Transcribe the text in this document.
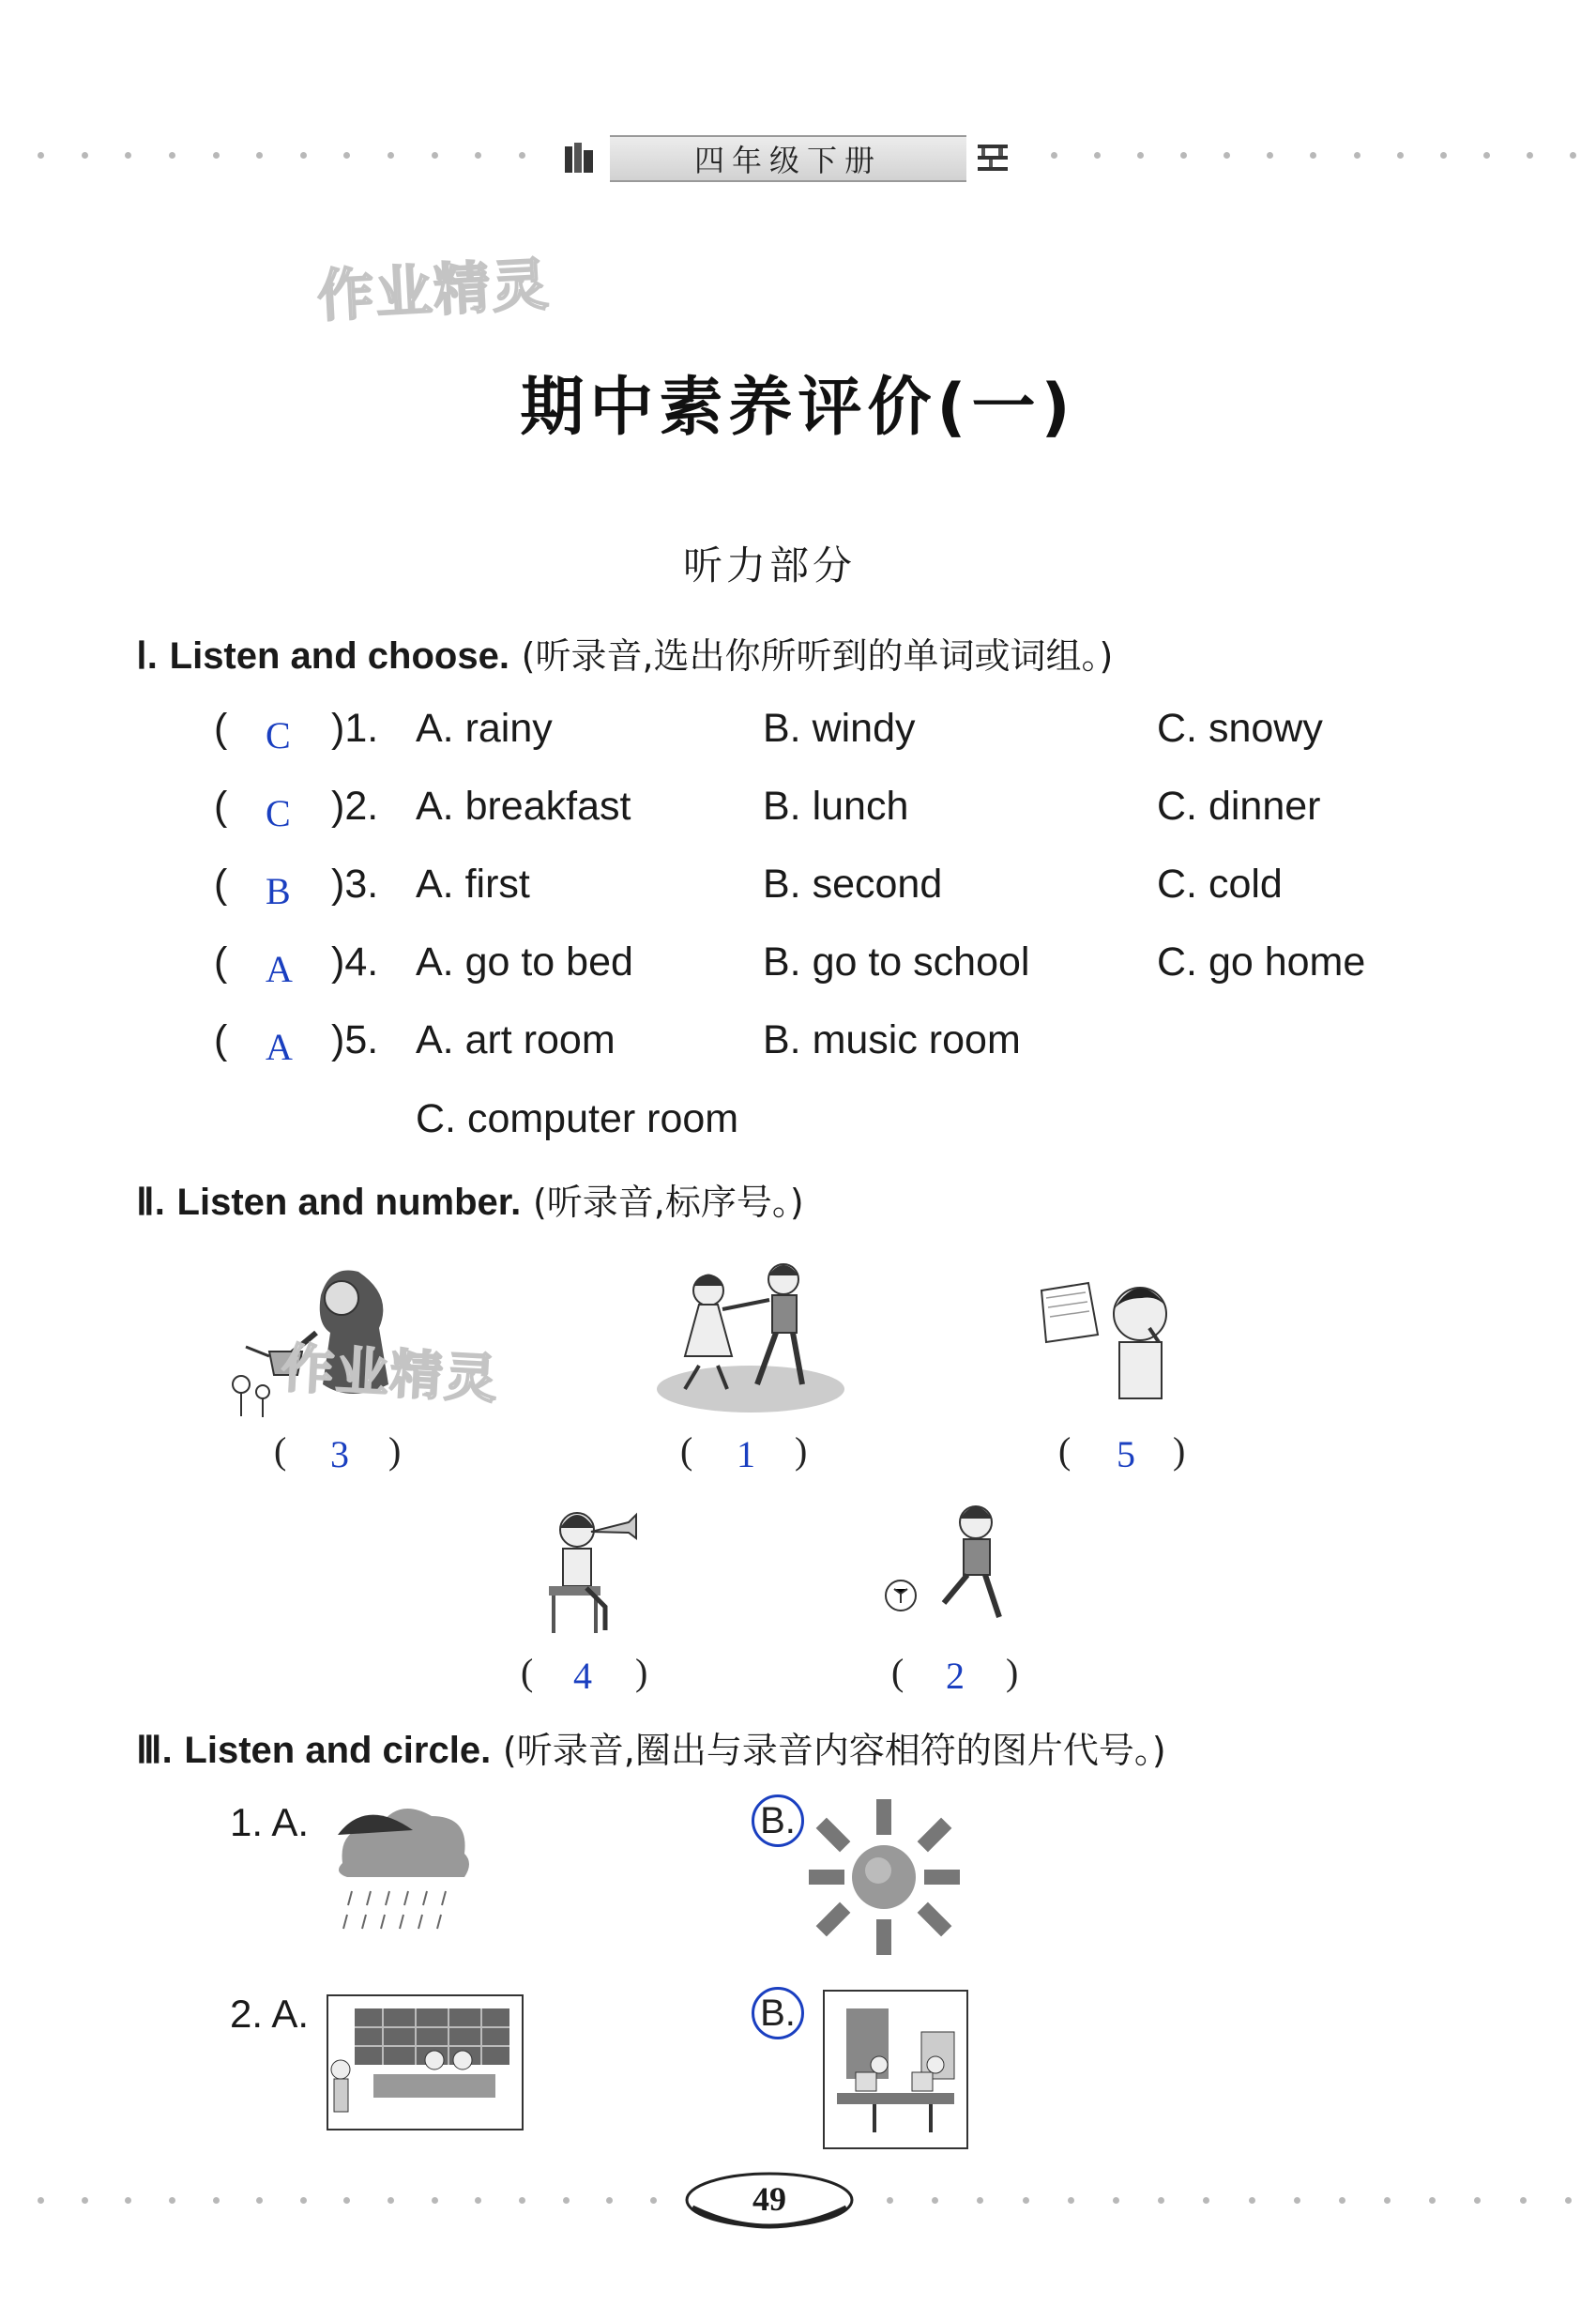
四年级下册
作业精灵
期中素养评价(一)
听力部分
Ⅰ. Listen and choose. (听录音,选出你所听到的单词或词组。)
( C )1. A. rainy	B. windy	C. snowy
( C )2. A. breakfast	B. lunch	C. dinner
( B )3. A. first	B. second	C. cold
( A )4. A. go to bed	B. go to school	C. go home
( A )5. A. art room	B. music room
C. computer room
Ⅱ. Listen and number. (听录音,标序号。)
作业精灵
( 3 )	( 1 )	( 5 )
( 4 )	( 2 )
Ⅲ. Listen and circle. (听录音,圈出与录音内容相符的图片代号。)
1. A.	B.
2. A.	B.
49
